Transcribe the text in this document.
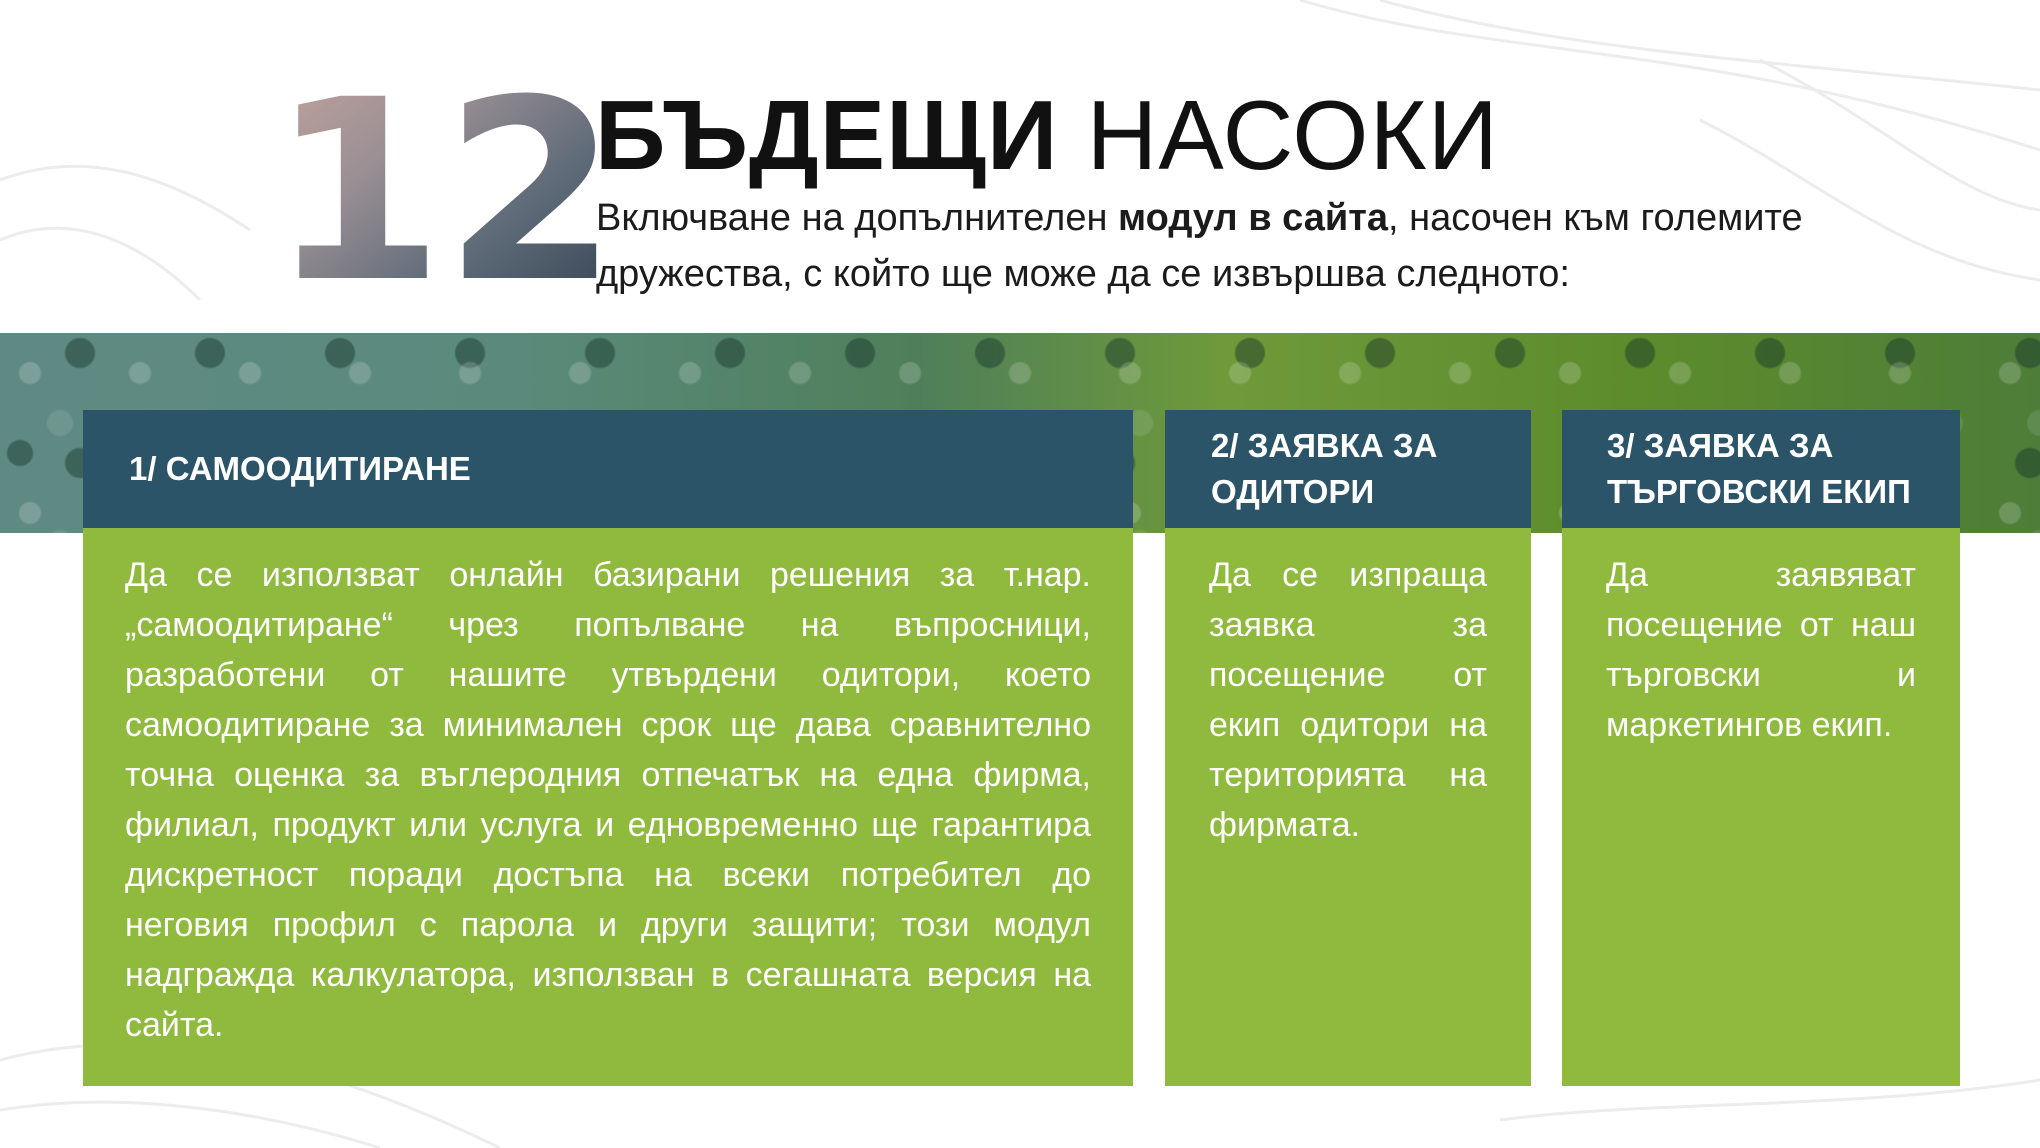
12
БЪДЕЩИ НАСОКИ

Включване на допълнителен модул в сайта, насочен към големите дружества, с който ще може да се извършва следното:

1/ САМООДИТИРАНЕ
Да се използват онлайн базирани решения за т.нар. „самоодитиране“ чрез попълване на въпросници, разработени от нашите утвърдени одитори, което самоодитиране за минимален срок ще дава сравнително точна оценка за въглеродния отпечатък на една фирма, филиал, продукт или услуга и едновременно ще гарантира дискретност поради достъпа на всеки потребител до неговия профил с парола и други защити; този модул надгражда калкулатора, използван в сегашната версия на сайта.
2/ ЗАЯВКА ЗА ОДИТОРИ
Да се изпраща заявка за посещение от екип одитори на територията на фирмата.
3/ ЗАЯВКА ЗА ТЪРГОВСКИ ЕКИП
Да заявяват посещение от наш търговски и маркетингов екип.
